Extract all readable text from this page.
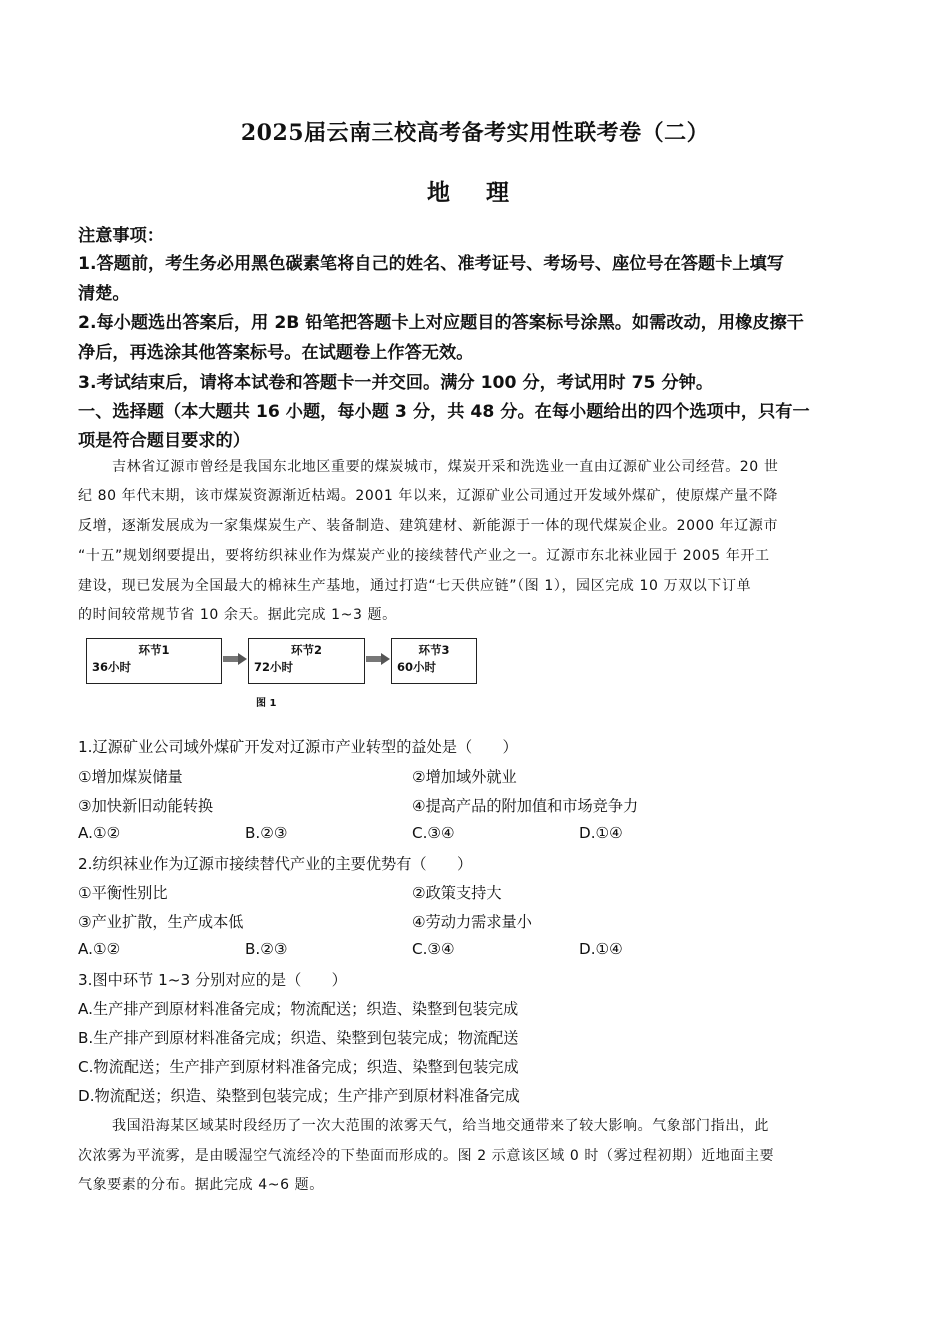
2025届云南三校高考备考实用性联考卷（二）
地 理
注意事项：
1.答题前，考生务必用黑色碳素笔将自己的姓名、准考证号、考场号、座位号在答题卡上填写
清楚。
2.每小题选出答案后，用 2B 铅笔把答题卡上对应题目的答案标号涂黑。如需改动，用橡皮擦干
净后，再选涂其他答案标号。在试题卷上作答无效。
3.考试结束后，请将本试卷和答题卡一并交回。满分 100 分，考试用时 75 分钟。
一、选择题（本大题共 16 小题，每小题 3 分，共 48 分。在每小题给出的四个选项中，只有一
项是符合题目要求的）
吉林省辽源市曾经是我国东北地区重要的煤炭城市，煤炭开采和洗选业一直由辽源矿业公司经营。20 世
纪 80 年代末期，该市煤炭资源渐近枯竭。2001 年以来，辽源矿业公司通过开发域外煤矿，使原煤产量不降
反增，逐渐发展成为一家集煤炭生产、装备制造、建筑建材、新能源于一体的现代煤炭企业。2000 年辽源市
“十五”规划纲要提出，要将纺织袜业作为煤炭产业的接续替代产业之一。辽源市东北袜业园于 2005 年开工
建设，现已发展为全国最大的棉袜生产基地，通过打造“七天供应链”（图 1），园区完成 10 万双以下订单
的时间较常规节省 10 余天。据此完成 1~3 题。
环节1
36小时
环节2
72小时
环节3
60小时
图 1
1.辽源矿业公司域外煤矿开发对辽源市产业转型的益处是（　　）
①增加煤炭储量	②增加域外就业
③加快新旧动能转换	④提高产品的附加值和市场竞争力
A.①②	B.②③	C.③④	D.①④
2.纺织袜业作为辽源市接续替代产业的主要优势有（　　）
①平衡性别比	②政策支持大
③产业扩散，生产成本低	④劳动力需求量小
A.①②	B.②③	C.③④	D.①④
3.图中环节 1~3 分别对应的是（　　）
A.生产排产到原材料准备完成；物流配送；织造、染整到包装完成
B.生产排产到原材料准备完成；织造、染整到包装完成；物流配送
C.物流配送；生产排产到原材料准备完成；织造、染整到包装完成
D.物流配送；织造、染整到包装完成；生产排产到原材料准备完成
我国沿海某区域某时段经历了一次大范围的浓雾天气，给当地交通带来了较大影响。气象部门指出，此
次浓雾为平流雾，是由暖湿空气流经冷的下垫面而形成的。图 2 示意该区域 0 时（雾过程初期）近地面主要
气象要素的分布。据此完成 4~6 题。
